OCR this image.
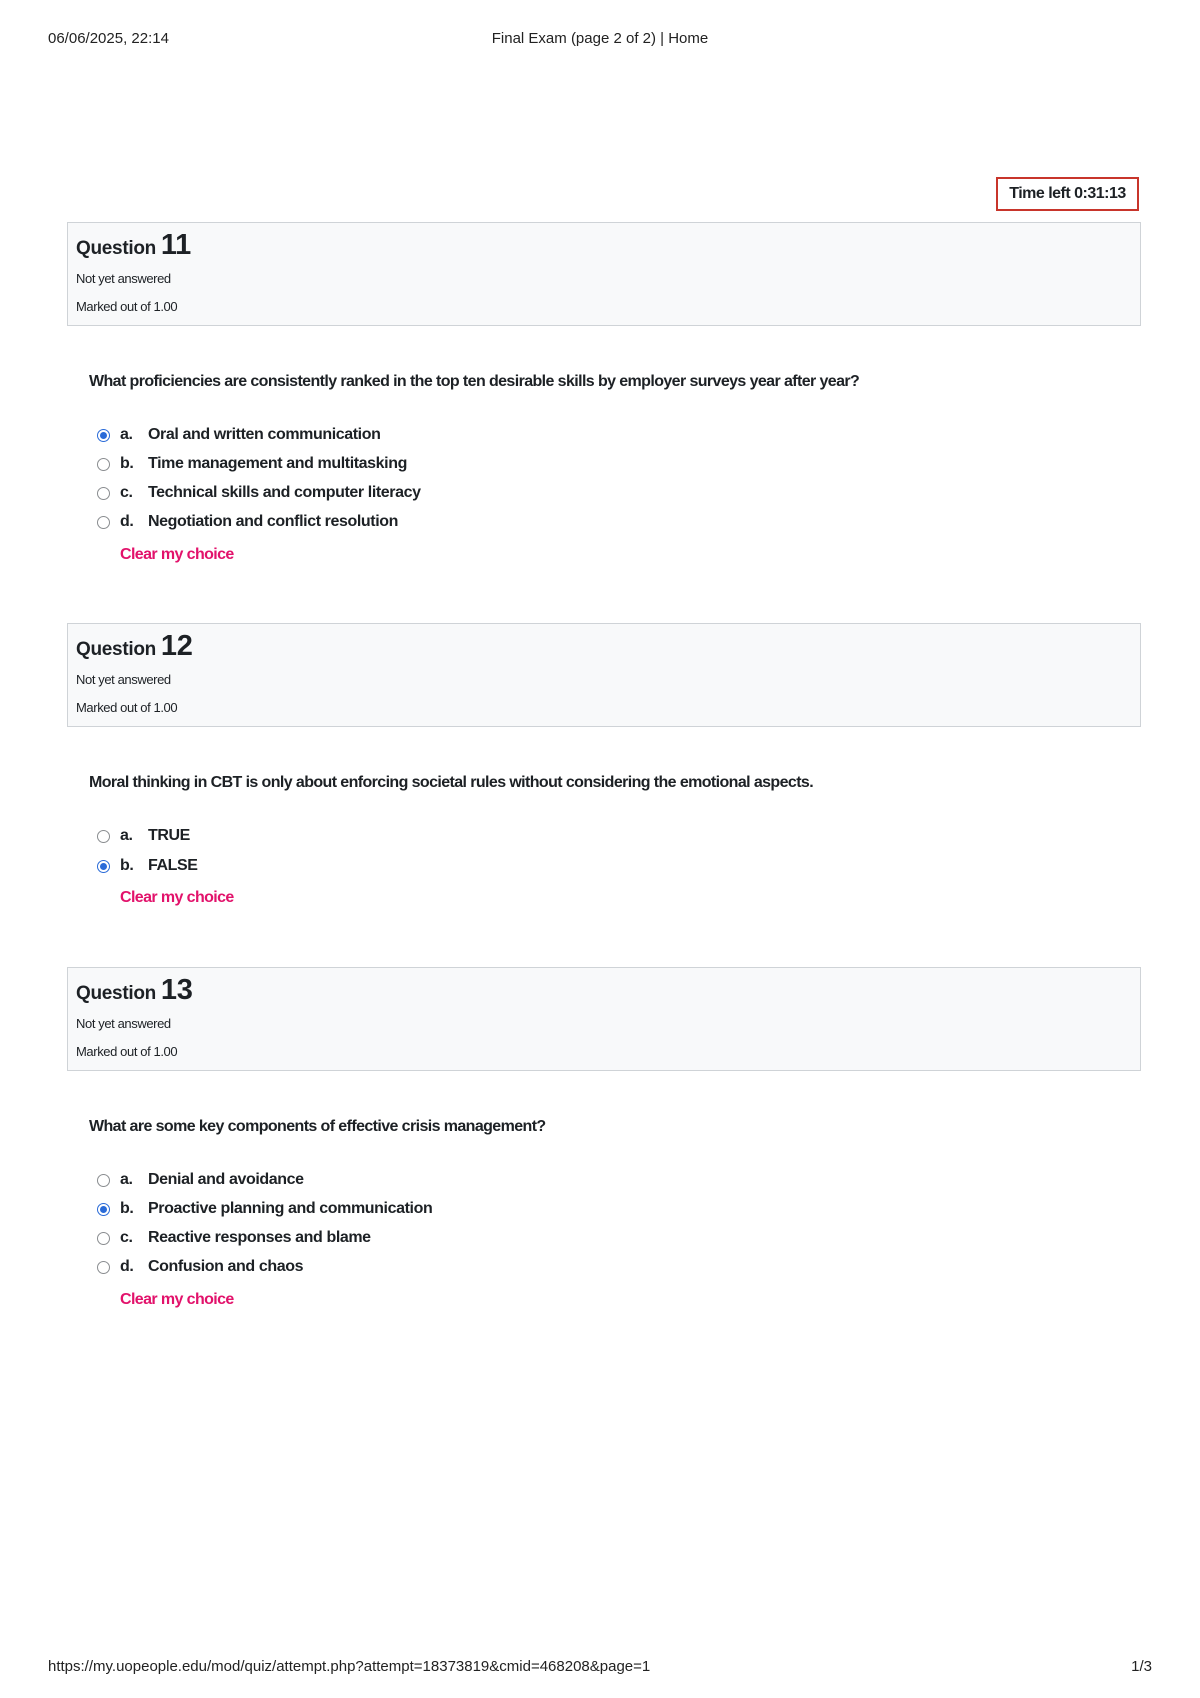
06/06/2025, 22:14	Final Exam (page 2 of 2) | Home
Time left 0:31:13
Question 11
Not yet answered
Marked out of 1.00
What proficiencies are consistently ranked in the top ten desirable skills by employer surveys year after year?
a. Oral and written communication
b. Time management and multitasking
c. Technical skills and computer literacy
d. Negotiation and conflict resolution
Clear my choice
Question 12
Not yet answered
Marked out of 1.00
Moral thinking in CBT is only about enforcing societal rules without considering the emotional aspects.
a. TRUE
b. FALSE
Clear my choice
Question 13
Not yet answered
Marked out of 1.00
What are some key components of effective crisis management?
a. Denial and avoidance
b. Proactive planning and communication
c. Reactive responses and blame
d. Confusion and chaos
Clear my choice
https://my.uopeople.edu/mod/quiz/attempt.php?attempt=18373819&cmid=468208&page=1	1/3
